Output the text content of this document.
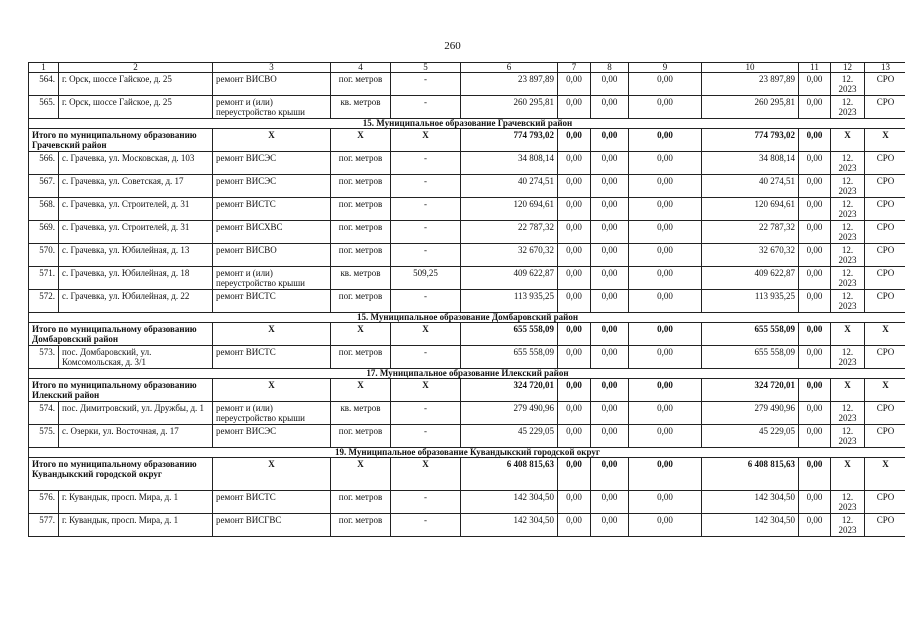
260
1	2	3	4	5	6	7	8	9	10	11	12	13
564.	г. Орск, шоссе Гайское, д. 25	ремонт ВИСВО	пог. метров	-	23 897,89	0,00	0,00	0,00	23 897,89	0,00	12. 2023	СРО
565.	г. Орск, шоссе Гайское, д. 25	ремонт и (или) переустройство крыши	кв. метров	-	260 295,81	0,00	0,00	0,00	260 295,81	0,00	12. 2023	СРО
15. Муниципальное образование Грачевский район												
Итого по муниципальному образованию Грачевский район		X	X	X	774 793,02	0,00	0,00	0,00	774 793,02	0,00	X	X
566.	с. Грачевка, ул. Московская, д. 103	ремонт ВИСЭС	пог. метров	-	34 808,14	0,00	0,00	0,00	34 808,14	0,00	12. 2023	СРО
567.	с. Грачевка, ул. Советская, д. 17	ремонт ВИСЭС	пог. метров	-	40 274,51	0,00	0,00	0,00	40 274,51	0,00	12. 2023	СРО
568.	с. Грачевка, ул. Строителей, д. 31	ремонт ВИСТС	пог. метров	-	120 694,61	0,00	0,00	0,00	120 694,61	0,00	12. 2023	СРО
569.	с. Грачевка, ул. Строителей, д. 31	ремонт ВИСХВС	пог. метров	-	22 787,32	0,00	0,00	0,00	22 787,32	0,00	12. 2023	СРО
570.	с. Грачевка, ул. Юбилейная, д. 13	ремонт ВИСВО	пог. метров	-	32 670,32	0,00	0,00	0,00	32 670,32	0,00	12. 2023	СРО
571.	с. Грачевка, ул. Юбилейная, д. 18	ремонт и (или) переустройство крыши	кв. метров	509,25	409 622,87	0,00	0,00	0,00	409 622,87	0,00	12. 2023	СРО
572.	с. Грачевка, ул. Юбилейная, д. 22	ремонт ВИСТС	пог. метров	-	113 935,25	0,00	0,00	0,00	113 935,25	0,00	12. 2023	СРО
15. Муниципальное образование Домбаровский район												
Итого по муниципальному образованию Домбаровский район		X	X	X	655 558,09	0,00	0,00	0,00	655 558,09	0,00	X	X
573.	пос. Домбаровский, ул. Комсомольская, д. 3/1	ремонт ВИСТС	пог. метров	-	655 558,09	0,00	0,00	0,00	655 558,09	0,00	12. 2023	СРО
17. Муниципальное образование Илекский район												
Итого по муниципальному образованию Илекский район		X	X	X	324 720,01	0,00	0,00	0,00	324 720,01	0,00	X	X
574.	пос. Димитровский, ул. Дружбы, д. 1	ремонт и (или) переустройство крыши	кв. метров	-	279 490,96	0,00	0,00	0,00	279 490,96	0,00	12. 2023	СРО
575.	с. Озерки, ул. Восточная, д. 17	ремонт ВИСЭС	пог. метров	-	45 229,05	0,00	0,00	0,00	45 229,05	0,00	12. 2023	СРО
19. Муниципальное образование Кувандыкский городской округ												
Итого по муниципальному образованию Кувандыкский городской округ		X	X	X	6 408 815,63	0,00	0,00	0,00	6 408 815,63	0,00	X	X
576.	г. Кувандык, просп. Мира, д. 1	ремонт ВИСТС	пог. метров	-	142 304,50	0,00	0,00	0,00	142 304,50	0,00	12. 2023	СРО
577.	г. Кувандык, просп. Мира, д. 1	ремонт ВИСГВС	пог. метров	-	142 304,50	0,00	0,00	0,00	142 304,50	0,00	12. 2023	СРО
